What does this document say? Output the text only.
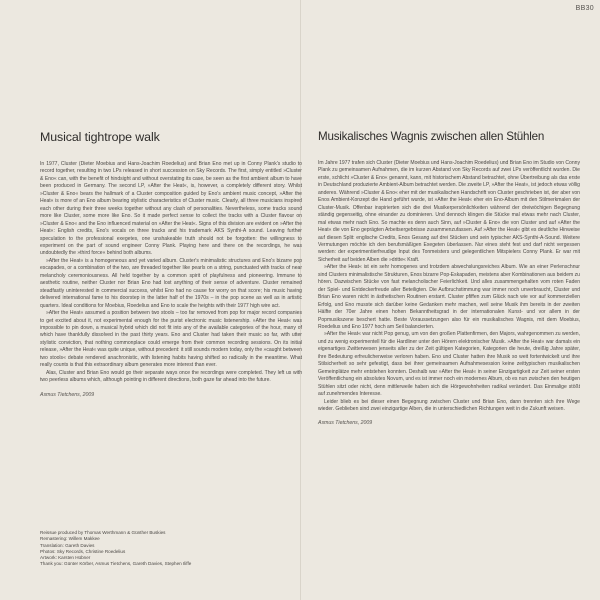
BB30
Musical tightrope walk

In 1977, Cluster (Dieter Moebius and Hans-Joachim Roedelius) and Brian Eno met up in Conny Plank's studio to record together, resulting in two LPs released in short succession on Sky Records. The first, simply entitled »Cluster & Eno« can, with the benefit of hindsight and without overstating its case, be seen as the first ambient album to have been produced in Germany. The second LP, »After the Heat«, is, however, a completely different story. Whilst »Cluster & Eno« bears the hallmark of a Cluster composition guided by Eno's ambient music concept, »After the Heat« is more of an Eno album bearing stylistic characteristics of Cluster music. Clearly, all three musicians inspired each other during their three weeks together without any clash of personalities. Nevertheless, some tracks sound more like Cluster, some more like Eno. So it made perfect sense to collect the tracks with a Cluster flavour on »Cluster & Eno« and the Eno influenced material on »After the Heat«. Signs of this division are evident on »After the Heat«: English credits, Eno's vocals on three tracks and his trademark AKS Synthi-A sound. Leaving further speculation to the professional exegetes, one unshakeable truth should not be forgotten: the willingness to experiment on the part of sound engineer Conny Plank. Playing here and there on the recordings, he was undoubtedly the »third force« behind both albums.

»After the Heat« is a homogeneous and yet varied album. Cluster's minimalistic structures and Eno's bizarre pop escapades, or a combination of the two, are threaded together like pearls on a string, punctuated with tracks of near melancholy ceremoniousness. All held together by a common spirit of playfulness and pioneering. Immune to aesthetic routine, neither Cluster nor Brian Eno had lost anything of their sense of adventure. Cluster remained steadfastly uninterested in commercial success, whilst Eno had no cause for worry on that score; his music having delivered international fame to his doorstep in the latter half of the 1970s – in the pop scene as well as in artistic quarters. Ideal conditions for Moebius, Roedelius and Eno to scale the heights with their 1977 high wire act.

»After the Heat« assumed a position between two stools – too far removed from pop for major record companies to get excited about it, not experimental enough for the purist electronic music listenership. »After the Heat« was impossible to pin down, a musical hybrid which did not fit into any of the available categories of the hour, many of which have thankfully dissolved in the past thirty years. Eno and Cluster had taken their music so far, with utter stylistic conviction, that nothing commonplace could emerge from their common recording sessions. On its initial release, »After the Heat« was quite unique, without precedent: it still sounds modern today, only the »caught between two stools« debate rendered anachronistic, with listening habits having shifted so radically in the meantime. What really counts is that this extraordinary album generates more interest than ever.

Alas, Cluster and Brian Eno would go their separate ways once the recordings were completed. They left us with two peerless albums which, although pointing in different directions, both gaze far ahead into the future.

Asmus Tietchens, 2009

Musikalisches Wagnis zwischen allen Stühlen

Im Jahre 1977 trafen sich Cluster (Dieter Moebius und Hans-Joachim Roedelius) und Brian Eno im Studio von Conny Plank zu gemeinsamen Aufnahmen, die im kurzen Abstand von Sky Records auf zwei LPs veröffentlicht wurden. Die erste, schlicht »Cluster & Eno« genannt, kann, mit historischem Abstand betrachtet, ohne Übertreibung als das erste in Deutschland produzierte Ambient-Album betrachtet werden. Die zweite LP, »After the Heat«, ist jedoch etwas völlig anderes. Während »Cluster & Eno« eher mit der musikalischen Handschrift von Cluster geschrieben ist, der aber von Enos Ambient-Konzept die Hand geführt wurde, ist »After the Heat« eher ein Eno-Album mit den Stilmerkmalen der Cluster-Musik. Offenbar inspirierten sich die drei Musikerpersönlichkeiten während der dreiwöchigen Begegnung ständig gegenseitig, ohne einander zu dominieren. Und dennoch klingen die Stücke mal etwas mehr nach Cluster, mal etwas mehr nach Eno. So machte es denn auch Sinn, auf »Cluster & Eno« die von Cluster und auf »After the Heat« die von Eno geprägten Arbeitsergebnisse zusammenzufassen. Auf »After the Heat« gibt es deutliche Hinweise auf diesen Split: englische Credits, Enos Gesang auf drei Stücken und sein typischer AKS-Synthi-A-Sound. Weitere Vermutungen möchte ich den berufsmäßigen Exegeten überlassen. Nur eines steht fest und darf nicht vergessen werden: der experimentierfreudige Input des Tonmeisters und gelegentlichen Mitspielers Conny Plank. Er war mit Sicherheit auf beiden Alben die »dritte« Kraft.

»After the Heat« ist ein sehr homogenes und trotzdem abwechslungsreiches Album. Wie an einer Perlenschnur sind Clusters minimalistische Strukturen, Enos bizarre Pop-Eskapaden, meistens aber Kombinationen aus beidem zu hören. Dazwischen Stücke von fast melancholischer Feierlichkeit. Und alles zusammengehalten vom roten Faden der Spiel- und Entdeckerfreude aller Beteiligten. Die Aufbruchstimmung war immer noch unverbraucht, Cluster und Brian Eno waren nicht in ästhetischen Routinen erstarrt. Cluster pfiffen zum Glück nach wie vor auf kommerziellen Erfolg, und Eno musste sich darüber keine Gedanken mehr machen, weil seine Musik ihm bereits in der zweiten Hälfte der 70er Jahre einen hohen Bekanntheitsgrad in der internationalen Kunst- und vor allem in der Popmusikszene beschert hatte. Beste Voraussetzungen also für ein musikalisches Wagnis, mit dem Moebius, Roedelius und Eno 1977 hoch am Seil balancierten.

»After the Heat« war nicht Pop genug, um von den großen Plattenfirmen, den Majors, wahrgenommen zu werden, und zu wenig experimentell für die Hardliner unter den Hörern elektronischer Musik. »After the Heat« war damals ein eigenartiges Zwitterwesen jenseits aller zu der Zeit gültigen Kategorien, Kategorien die heute, dreißig Jahre später, ihre Bedeutung erfreulicherweise verloren haben. Eno und Cluster hatten ihre Musik so weit fortentwickelt und ihre Stilsicherheit so sehr gefestigt, dass bei ihrer gemeinsamen Aufnahmesession keine zeittypischen musikalischen Gemeinplätze mehr entstehen konnten. Deshalb war »After the Heat« in seiner Einzigartigkeit zur Zeit seiner ersten Veröffentlichung ein absolutes Novum, und es ist immer noch ein modernes Album, ob es nun zwischen den heutigen Stühlen sitzt oder nicht, denn mittlerweile haben sich die Hörgewohnheiten radikal verändert. Das Einmalige stößt auf zunehmendes Interesse.

Leider blieb es bei dieser einen Begegnung zwischen Cluster und Brian Eno, dann trennten sich ihre Wege wieder. Geblieben sind zwei einzigartige Alben, die in unterschiedlichen Richtungen weit in die Zukunft weisen.

Asmus Tietchens, 2009

Reissue produced by Thomas Werthmann & Günther Buskies
Remastering: Willem Makkee
Translation: Gareth Davies
Photos: Sky Records, Christine Roedelius
Artwork: Karsten Hübner
Thank you: Günter Körber, Asmus Tietchens, Gareth Davies, Stephen Iliffe
